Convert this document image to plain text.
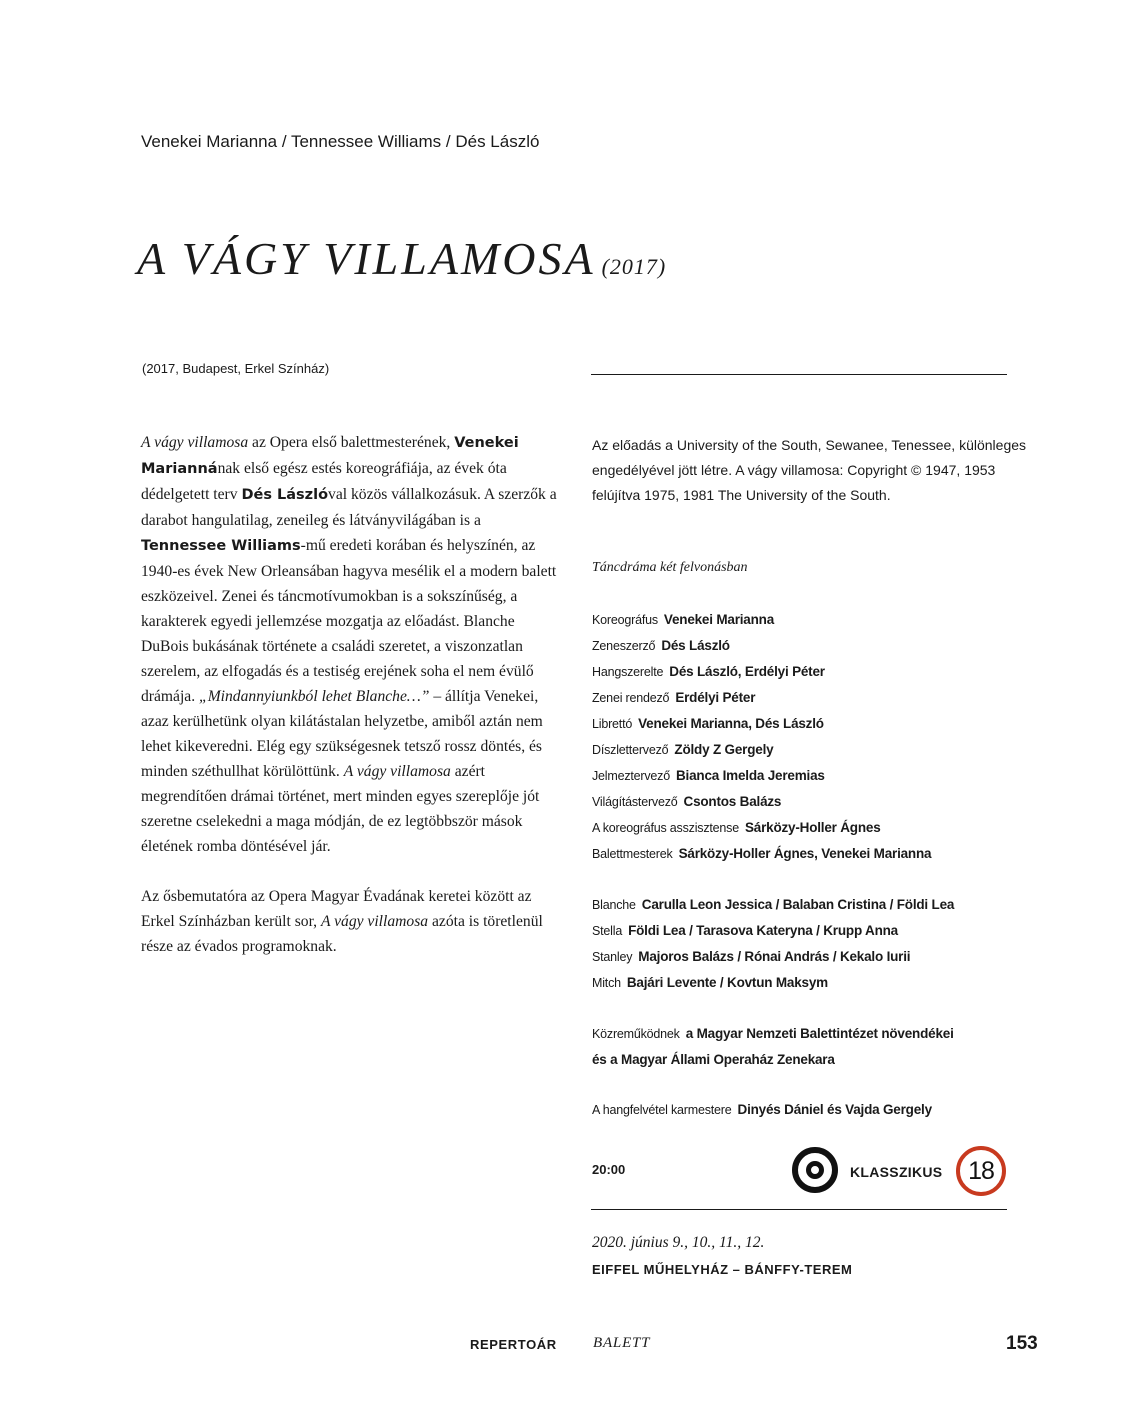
Venekei Marianna / Tennessee Williams / Dés László
A VÁGY VILLAMOSA (2017)
(2017, Budapest, Erkel Színház)

A vágy villamosa az Opera első balettmesterének, Venekei Mariannának első egész estés koreográfiája, az évek óta dédelgetett terv Dés Lászlóval közös vállalkozásuk. A szerzők a darabot hangulatilag, zeneileg és látványvilágában is a Tennessee Williams-mű eredeti korában és helyszínén, az 1940-es évek New Orleansában hagyva mesélik el a modern balett eszközeivel. Zenei és táncmotívumokban is a sokszínűség, a karakterek egyedi jellemzése mozgatja az előadást. Blanche DuBois bukásának története a családi szeretet, a viszonzatlan szerelem, az elfogadás és a testiség erejének soha el nem évülő drámája. „Mindannyiunkból lehet Blanche…” – állítja Venekei, azaz kerülhetünk olyan kilátástalan helyzetbe, amiből aztán nem lehet kikeveredni. Elég egy szükségesnek tetsző rossz döntés, és minden széthullhat körülöttünk. A vágy villamosa azért megrendítően drámai történet, mert minden egyes szereplője jót szeretne cselekedni a maga módján, de ez legtöbbször mások életének romba döntésével jár.

Az ősbemutatóra az Opera Magyar Évadának keretei között az Erkel Színházban került sor, A vágy villamosa azóta is töretlenül része az évados programoknak.

Az előadás a University of the South, Sewanee, Tenessee, különleges engedélyével jött létre. A vágy villamosa: Copyright © 1947, 1953 felújítva 1975, 1981 The University of the South.
Táncdráma két felvonásban
Koreográfus Venekei Marianna
Zeneszerző Dés László
Hangszerelte Dés László, Erdélyi Péter
Zenei rendező Erdélyi Péter
Librettó Venekei Marianna, Dés László
Díszlettervező Zöldy Z Gergely
Jelmeztervező Bianca Imelda Jeremias
Világítástervező Csontos Balázs
A koreográfus asszisztense Sárközy-Holler Ágnes
Balettmesterek Sárközy-Holler Ágnes, Venekei Marianna
Blanche Carulla Leon Jessica / Balaban Cristina / Földi Lea
Stella Földi Lea / Tarasova Kateryna / Krupp Anna
Stanley Majoros Balázs / Rónai András / Kekalo Iurii
Mitch Bajári Levente / Kovtun Maksym
Közreműködnek a Magyar Nemzeti Balettintézet növendékei
és a Magyar Állami Operaház Zenekara
A hangfelvétel karmestere Dinyés Dániel és Vajda Gergely
20:00	KLASSZIKUS	18
2020. június 9., 10., 11., 12.
EIFFEL MŰHELYHÁZ – BÁNFFY-TEREM
REPERTOÁR BALETT	153
